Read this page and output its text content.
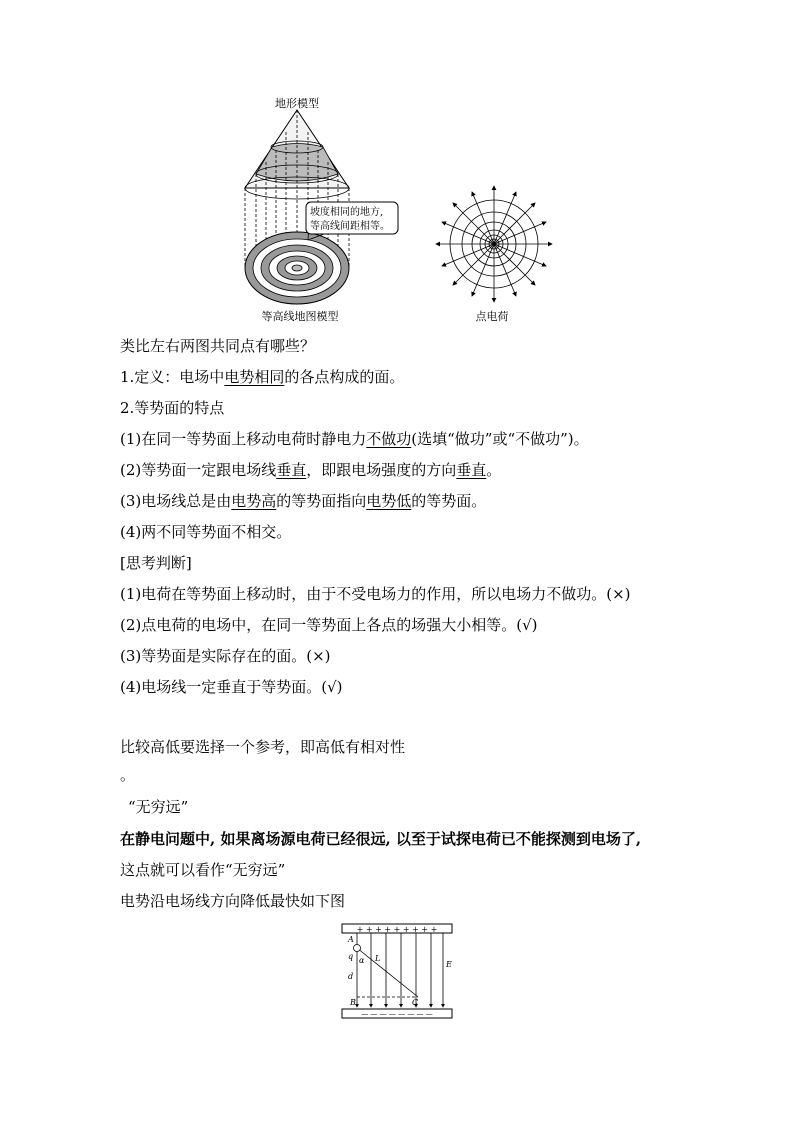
地形模型
坡度相同的地方,
等高线间距相等。
等高线地图模型	点电荷
类比左右两图共同点有哪些？
1.定义：电场中电势相同的各点构成的面。
2.等势面的特点
(1)在同一等势面上移动电荷时静电力不做功(选填“做功”或“不做功”)。
(2)等势面一定跟电场线垂直，即跟电场强度的方向垂直。
(3)电场线总是由电势高的等势面指向电势低的等势面。
(4)两不同等势面不相交。
[思考判断]
(1)电荷在等势面上移动时，由于不受电场力的作用，所以电场力不做功。(×)
(2)点电荷的电场中，在同一等势面上各点的场强大小相等。(√)
(3)等势面是实际存在的面。(×)
(4)电场线一定垂直于等势面。(√)
比较高低要选择一个参考，即高低有相对性
。
“无穷远”
在静电问题中, 如果离场源电荷已经很远, 以至于试探电荷已不能探测到电场了,
这点就可以看作“无穷远”
电势沿电场线方向降低最快如下图
+ + + + + + + + +
— — — — — — — —
A
q α L
d
B	C
E
